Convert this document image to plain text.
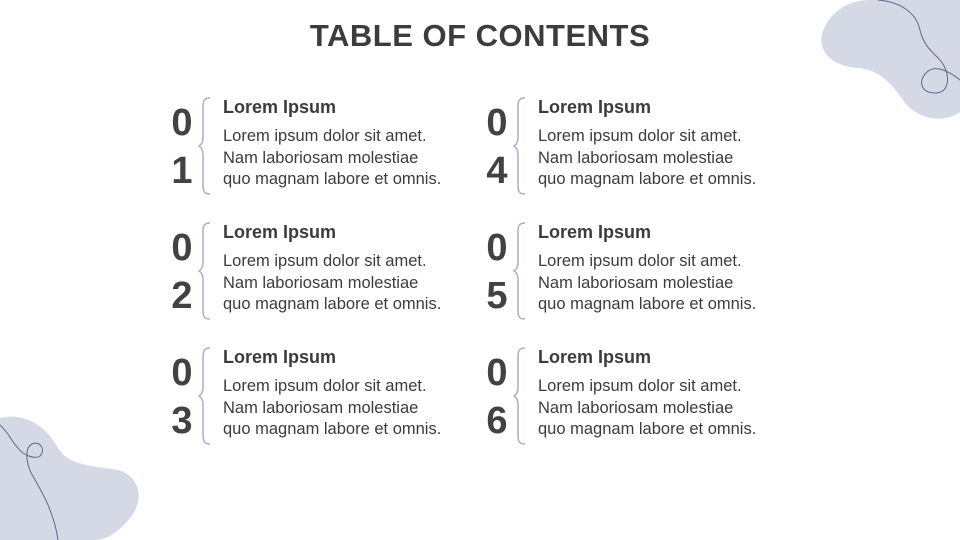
TABLE OF CONTENTS
0
1
Lorem Ipsum
Lorem ipsum dolor sit amet.
Nam laboriosam molestiae
quo magnam labore et omnis.
0
2
Lorem Ipsum
Lorem ipsum dolor sit amet.
Nam laboriosam molestiae
quo magnam labore et omnis.
0
3
Lorem Ipsum
Lorem ipsum dolor sit amet.
Nam laboriosam molestiae
quo magnam labore et omnis.
0
4
Lorem Ipsum
Lorem ipsum dolor sit amet.
Nam laboriosam molestiae
quo magnam labore et omnis.
0
5
Lorem Ipsum
Lorem ipsum dolor sit amet.
Nam laboriosam molestiae
quo magnam labore et omnis.
0
6
Lorem Ipsum
Lorem ipsum dolor sit amet.
Nam laboriosam molestiae
quo magnam labore et omnis.
